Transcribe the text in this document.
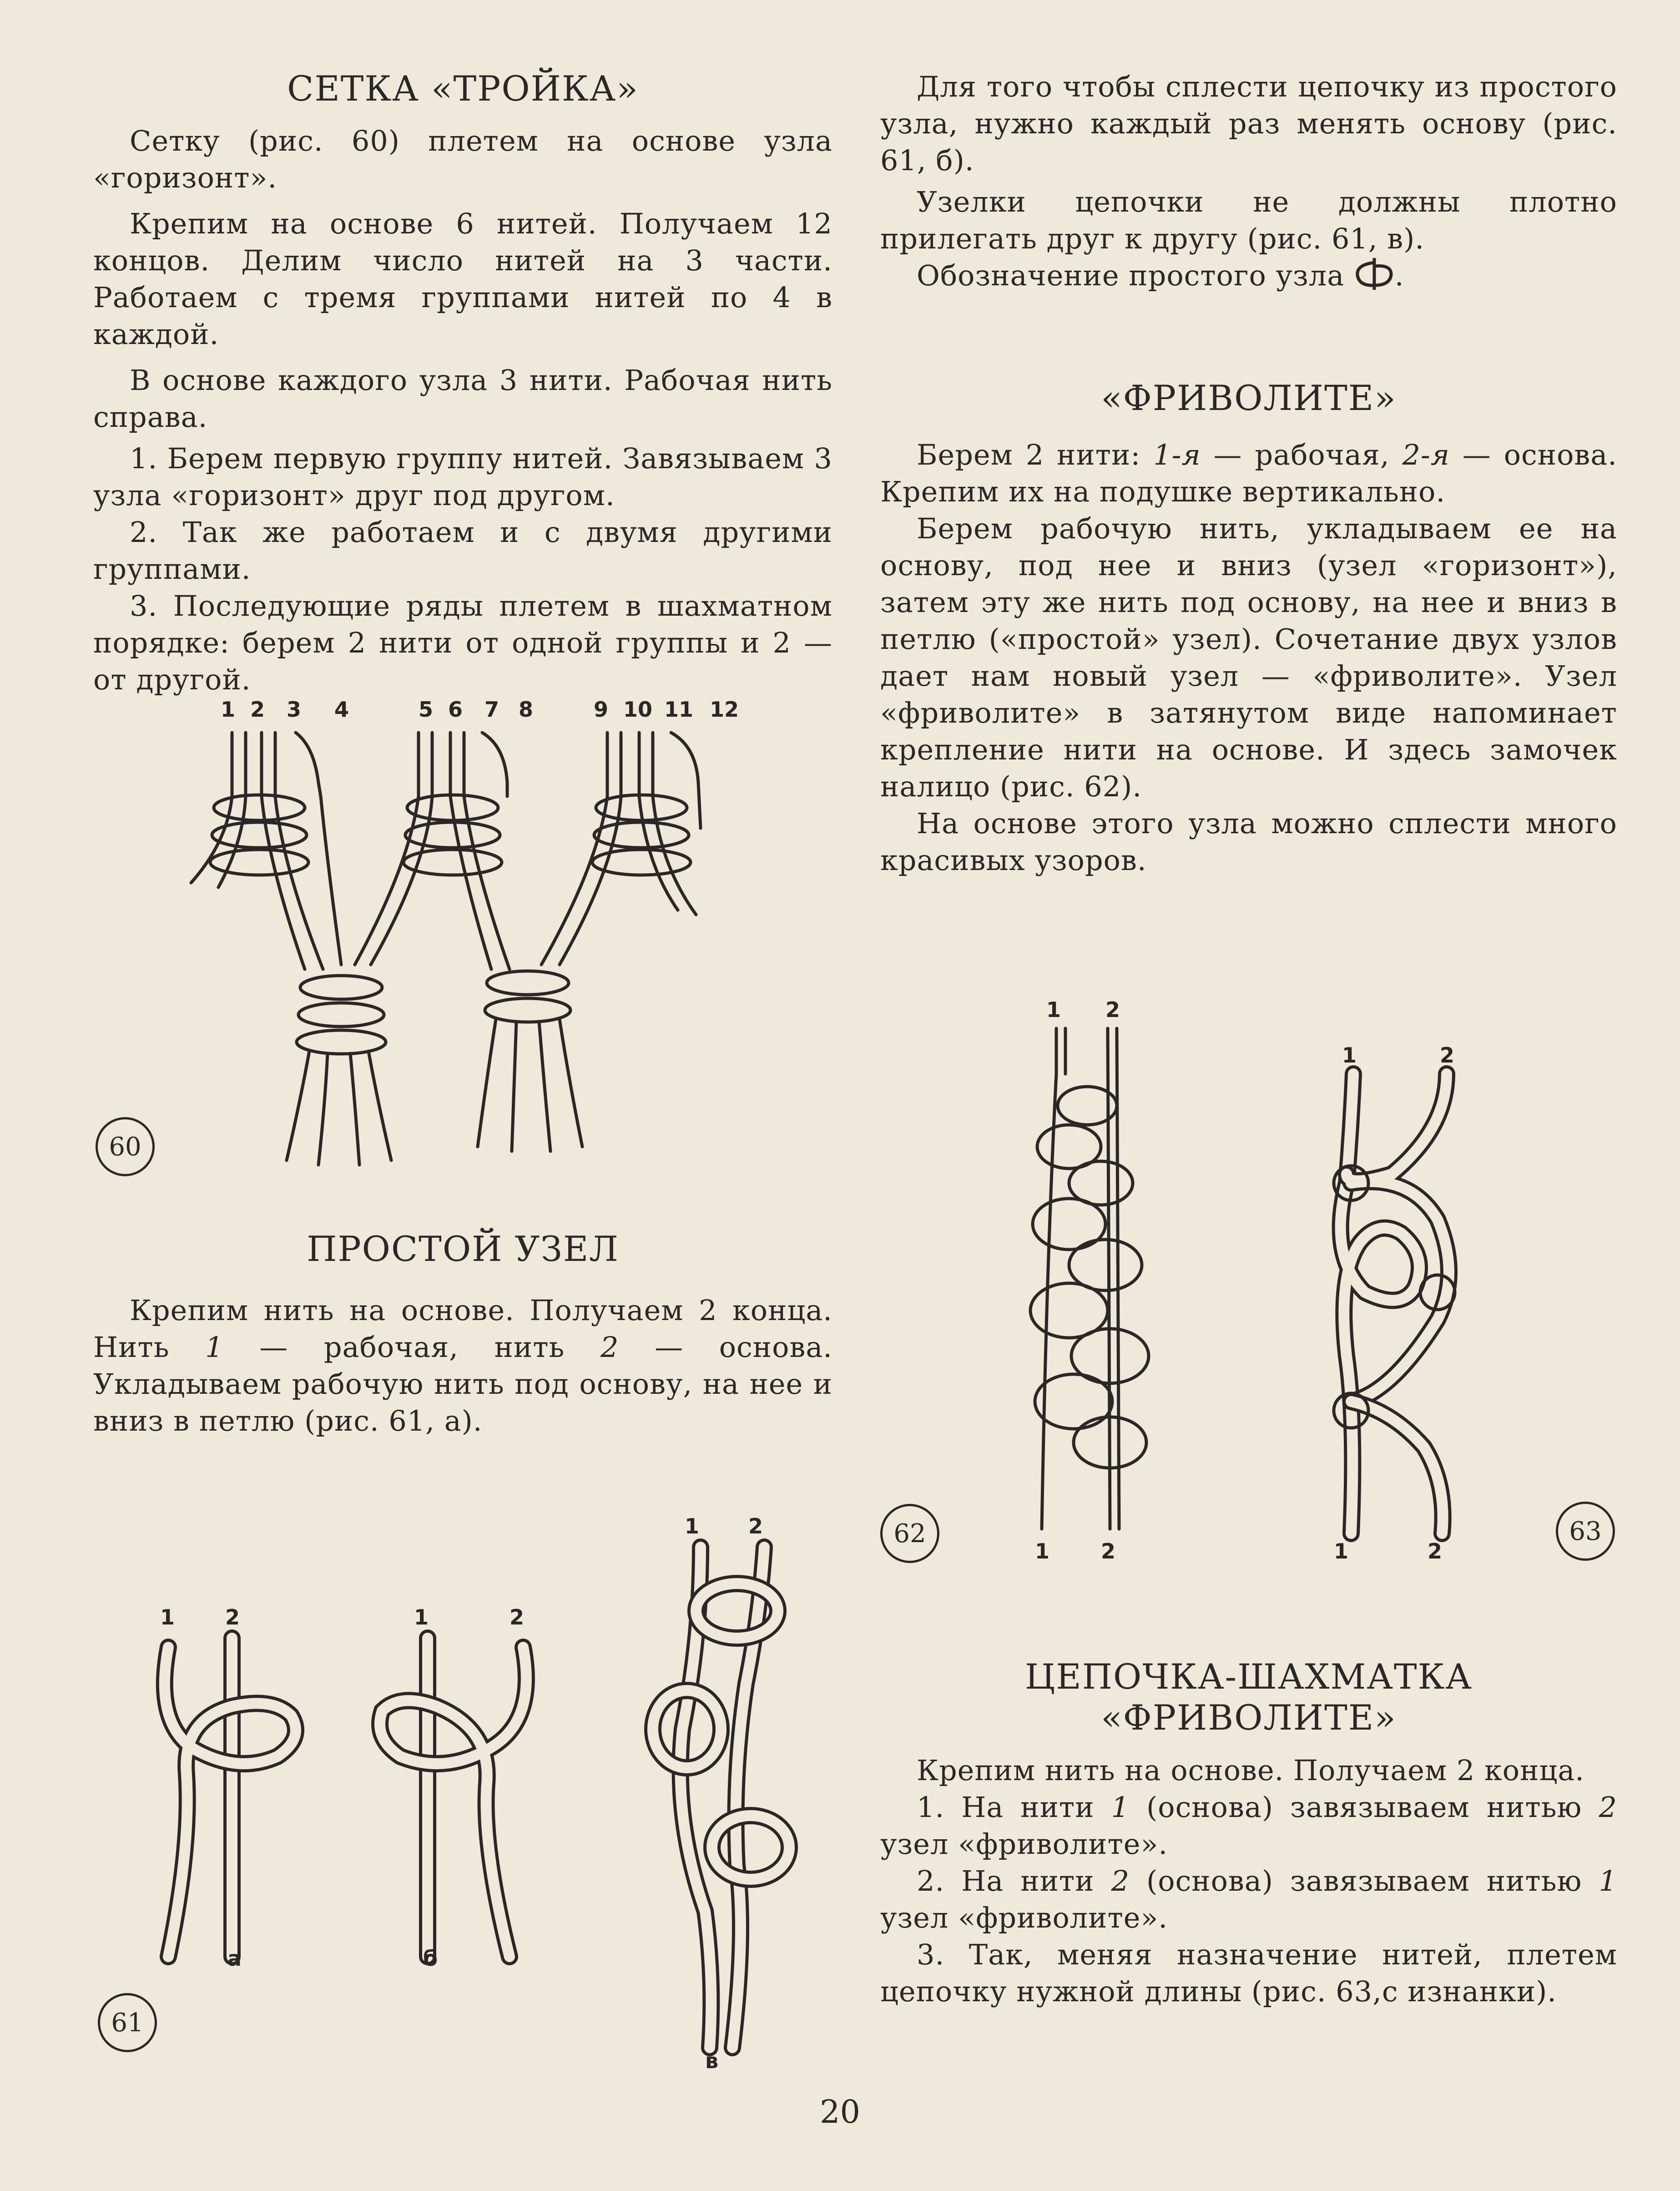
СЕТКА «ТРОЙКА»

Сетку (рис. 60) плетем на основе узла «горизонт».

Крепим на основе 6 нитей. Получаем 12 концов. Делим число нитей на 3 части. Работаем с тремя группами нитей по 4 в каждой.

В основе каждого узла 3 нити. Рабочая нить справа.

1. Берем первую группу нитей. Завязываем 3 узла «горизонт» друг под другом.

2. Так же работаем и с двумя другими группами.

3. Последующие ряды плетем в шахматном порядке: берем 2 нити от одной группы и 2 — от другой.

1 2 3 4	5 6 7 8	9 10 11 12
60
ПРОСТОЙ УЗЕЛ

Крепим нить на основе. Получаем 2 конца. Нить 1 — рабочая, нить 2 — основа. Укладываем рабочую нить под основу, на нее и вниз в петлю (рис. 61, а).

1 2	1	2
1 2
а	б
в
61

Для того чтобы сплести цепочку из простого узла, нужно каждый раз менять основу (рис. 61, б).

Узелки цепочки не должны плотно прилегать друг к другу (рис. 61, в).

Обозначение простого узла .

«ФРИВОЛИТЕ»

Берем 2 нити: 1-я — рабочая, 2-я — основа. Крепим их на подушке вертикально.

Берем рабочую нить, укладываем ее на основу, под нее и вниз (узел «горизонт»), затем эту же нить под основу, на нее и вниз в петлю («простой» узел). Сочетание двух узлов дает нам новый узел — «фриволите». Узел «фриволите» в затянутом виде напоминает крепление нити на основе. И здесь замочек налицо (рис. 62).

На основе этого узла можно сплести много красивых узоров.

1 2
1 2
62
1	2
1	2
63
ЦЕПОЧКА-ШАХМАТКА
«ФРИВОЛИТЕ»

Крепим нить на основе. Получаем 2 конца.

1. На нити 1 (основа) завязываем нитью 2 узел «фриволите».

2. На нити 2 (основа) завязываем нитью 1 узел «фриволите».

3. Так, меняя назначение нитей, плетем цепочку нужной длины (рис. 63,с изнанки).

20
